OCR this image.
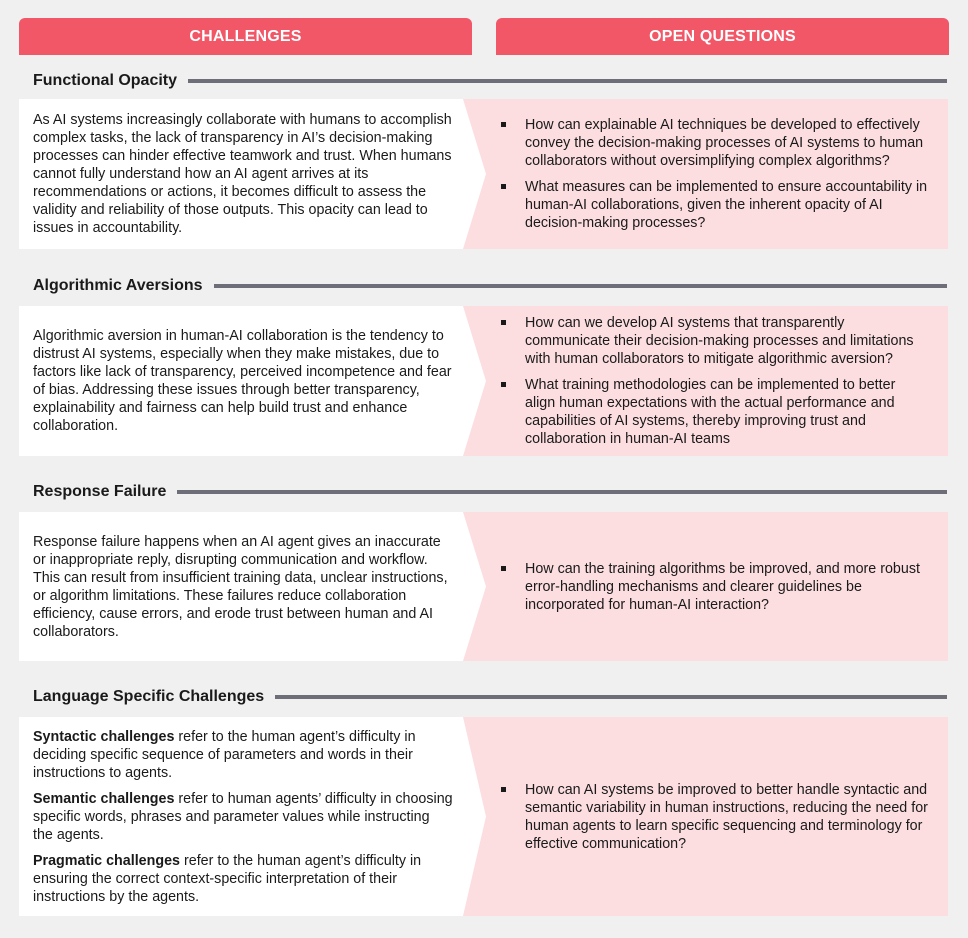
CHALLENGES	OPEN QUESTIONS
Functional Opacity

As AI systems increasingly collaborate with humans to accomplish complex tasks, the lack of transparency in AI’s decision-making processes can hinder effective teamwork and trust. When humans cannot fully understand how an AI agent arrives at its recommendations or actions, it becomes difficult to assess the validity and reliability of those outputs. This opacity can lead to issues in accountability.

How can explainable AI techniques be developed to effectively convey the decision-making processes of AI systems to human collaborators without oversimplifying complex algorithms?
What measures can be implemented to ensure accountability in human-AI collaborations, given the inherent opacity of AI decision-making processes?
Algorithmic Aversions

Algorithmic aversion in human-AI collaboration is the tendency to distrust AI systems, especially when they make mistakes, due to factors like lack of transparency, perceived incompetence and fear of bias. Addressing these issues through better transparency, explainability and fairness can help build trust and enhance collaboration.

How can we develop AI systems that transparently communicate their decision-making processes and limitations with human collaborators to mitigate algorithmic aversion?
What training methodologies can be implemented to better align human expectations with the actual performance and capabilities of AI systems, thereby improving trust and collaboration in human-AI teams
Response Failure

Response failure happens when an AI agent gives an inaccurate or inappropriate reply, disrupting communication and workflow. This can result from insufficient training data, unclear instructions, or algorithm limitations. These failures reduce collaboration efficiency, cause errors, and erode trust between human and AI collaborators.

How can the training algorithms be improved, and more robust error-handling mechanisms and clearer guidelines be incorporated for human-AI interaction?
Language Specific Challenges

Syntactic challenges refer to the human agent’s difficulty in deciding specific sequence of parameters and words in their instructions to agents.

Semantic challenges refer to human agents’ difficulty in choosing specific words, phrases and parameter values while instructing the agents.

Pragmatic challenges refer to the human agent’s difficulty in ensuring the correct context-specific interpretation of their instructions by the agents.

How can AI systems be improved to better handle syntactic and semantic variability in human instructions, reducing the need for human agents to learn specific sequencing and terminology for effective communication?
